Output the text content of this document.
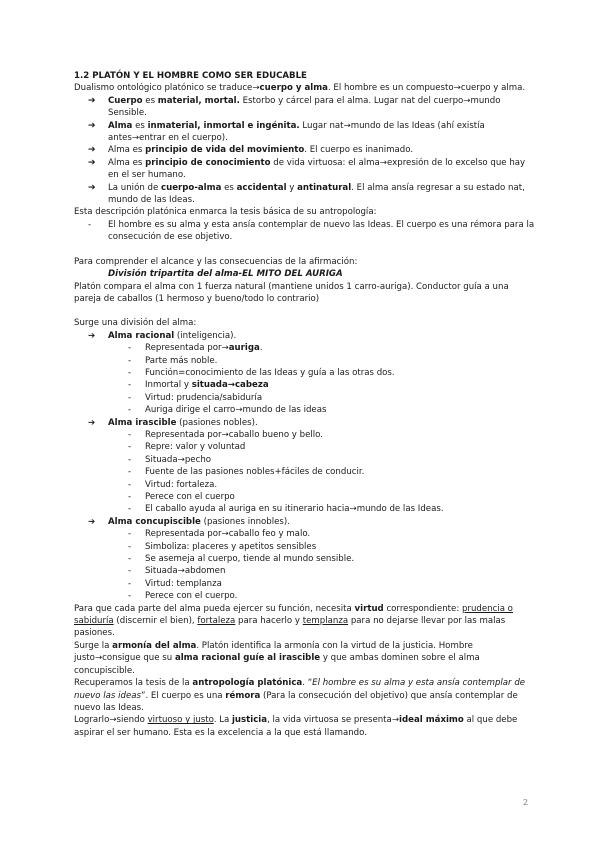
1.2 PLATÓN Y EL HOMBRE COMO SER EDUCABLE

Dualismo ontológico platónico se traduce→cuerpo y alma. El hombre es un compuesto→cuerpo y alma.

➔	Cuerpo es material, mortal. Estorbo y cárcel para el alma. Lugar nat del cuerpo→mundo Sensible.
➔	Alma es inmaterial, inmortal e ingénita. Lugar nat→mundo de las Ideas (ahí existía antes→entrar en el cuerpo).
➔	Alma es principio de vida del movimiento. El cuerpo es inanimado.
➔	Alma es principio de conocimiento de vida virtuosa: el alma→expresión de lo excelso que hay en el ser humano.
➔	La unión de cuerpo-alma es accidental y antinatural. El alma ansía regresar a su estado nat, mundo de las Ideas.

Esta descripción platónica enmarca la tesis básica de su antropología:

-	El hombre es su alma y esta ansía contemplar de nuevo las Ideas. El cuerpo es una rémora para la consecución de ese objetivo.

Para comprender el alcance y las consecuencias de la afirmación:

División tripartita del alma-EL MITO DEL AURIGA

Platón compara el alma con 1 fuerza natural (mantiene unidos 1 carro-auriga). Conductor guía a una pareja de caballos (1 hermoso y bueno/todo lo contrario)

Surge una división del alma:

➔	Alma racional (inteligencia).
-	Representada por→auriga.
-	Parte más noble.
-	Función=conocimiento de las Ideas y guía a las otras dos.
-	Inmortal y situada→cabeza
-	Virtud: prudencia/sabiduría
-	Auriga dirige el carro→mundo de las ideas
➔	Alma irascible (pasiones nobles).
-	Representada por→caballo bueno y bello.
-	Repre: valor y voluntad
-	Situada→pecho
-	Fuente de las pasiones nobles+fáciles de conducir.
-	Virtud: fortaleza.
-	Perece con el cuerpo
-	El caballo ayuda al auriga en su itinerario hacia→mundo de las Ideas.
➔	Alma concupiscible (pasiones innobles).
-	Representada por→caballo feo y malo.
-	Simboliza: placeres y apetitos sensibles
-	Se asemeja al cuerpo, tiende al mundo sensible.
-	Situada→abdomen
-	Virtud: templanza
-	Perece con el cuerpo.

Para que cada parte del alma pueda ejercer su función, necesita virtud correspondiente: prudencia o sabiduría (discernir el bien), fortaleza para hacerlo y templanza para no dejarse llevar por las malas pasiones.

Surge la armonía del alma. Platón identifica la armonía con la virtud de la justicia. Hombre justo→consigue que su alma racional guíe al irascible y que ambas dominen sobre el alma concupiscible.

Recuperamos la tesis de la antropología platónica. “El hombre es su alma y esta ansía contemplar de nuevo las ideas”. El cuerpo es una rémora (Para la consecución del objetivo) que ansía contemplar de nuevo las Ideas.

Lograrlo→siendo virtuoso y justo. La justicia, la vida virtuosa se presenta→ideal máximo al que debe aspirar el ser humano. Esta es la excelencia a la que está llamando.

2
